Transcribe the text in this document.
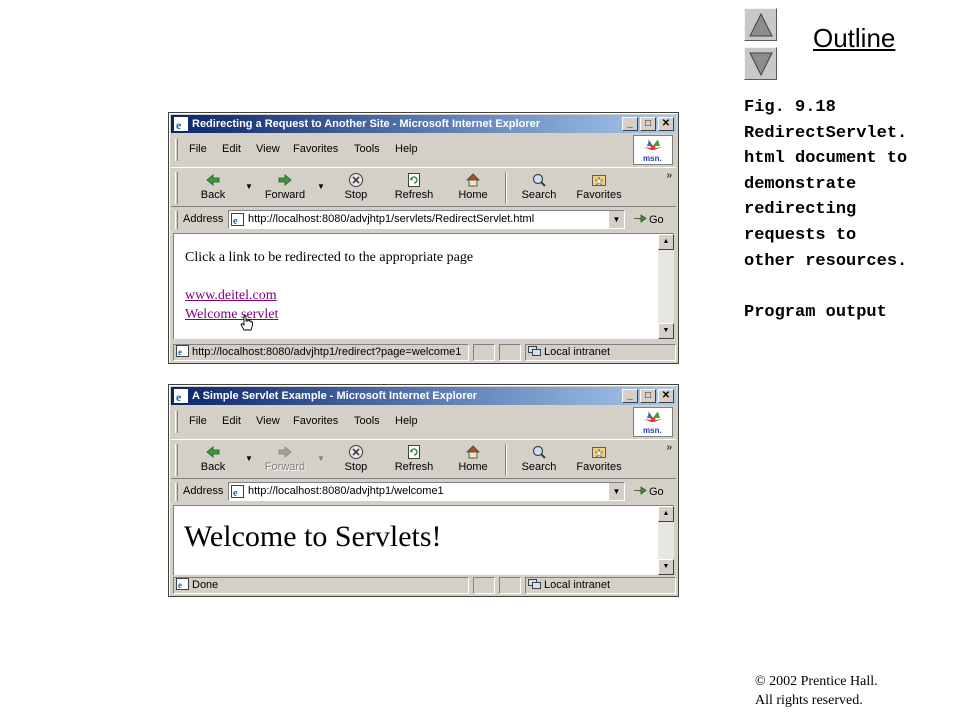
Outline
Fig. 9.18
RedirectServlet.
html document to
demonstrate
redirecting
requests to
other resources.
Program output
© 2002 Prentice Hall.
All rights reserved.
e Redirecting a Request to Another Site - Microsoft Internet Explorer	_	□	✕
File Edit View Favorites Tools Help
msn.
Back
▼
Forward
▼
Stop	Refresh	Home	Search	Favorites
»
Address e http://localhost:8080/advjhtp1/servlets/RedirectServlet.html	▼	Go
Click a link to be redirected to the appropriate page
www.deitel.com
Welcome servlet
▲
▼
e http://localhost:8080/advjhtp1/redirect?page=welcome1	Local intranet
e A Simple Servlet Example - Microsoft Internet Explorer	_	□	✕
File Edit View Favorites Tools Help
msn.
Back
▼
Forward
▼
Stop	Refresh	Home	Search	Favorites
»
Address e http://localhost:8080/advjhtp1/welcome1	▼	Go
Welcome to Servlets!
▲
▼
e Done	Local intranet
